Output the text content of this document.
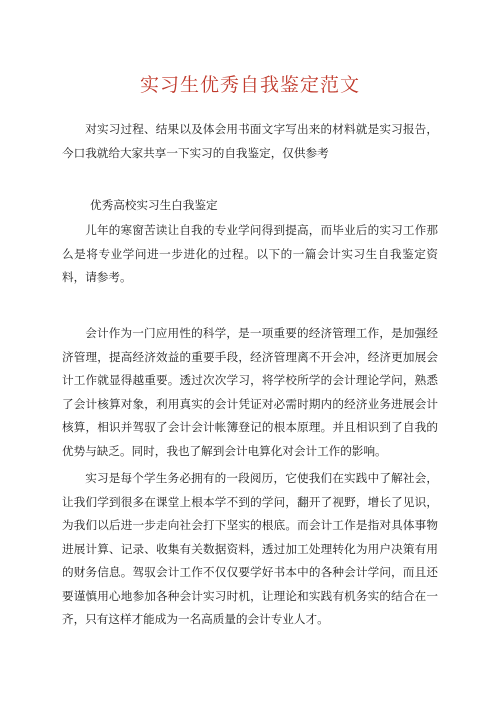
实习生优秀自我鉴定范文
对实习过程、结果以及体会用书面文字写出来的材料就是实习报告，今口我就给大家共享一下实习的自我鉴定，仅供参考
优秀高校实习生白我鉴定
儿年的寒窗苦读让自我的专业学问得到提高，而毕业后的实习工作那么是将专业学问进一步进化的过程。以下的一篇会计实习生自我鉴定资料，请参考。
会计作为一门应用性的科学，是一项重要的经济管理工作，是加强经济管理，提高经济效益的重要手段，经济管理离不开会冲，经济更加展会计工作就显得越重要。透过次次学习，将学校所学的会计理论学问，熟悉了会计核算对象，利用真实的会计凭证对必需时期内的经济业务进展会计核算，相识并驾驭了会计会计帐簿登记的根本原理。并且相识到了自我的优势与缺乏。同时，我也了解到会计电算化对会计工作的影响。
实习是每个学生务必拥有的一段阅历，它使我们在实践中了解社会，让我们学到很多在课堂上根本学不到的学问，翻开了视野，增长了见识，为我们以后进一步走向社会打下坚实的根底。而会计工作是指对具体事物进展计算、记录、收集有关数据资料，透过加工处理转化为用户决策有用的财务信息。驾驭会计工作不仅仅要学好书本中的各种会计学问，而且还要谨慎用心地参加各种会计实习时机，让理论和实践有机务实的结合在一齐，只有这样才能成为一名高质量的会计专业人才。
